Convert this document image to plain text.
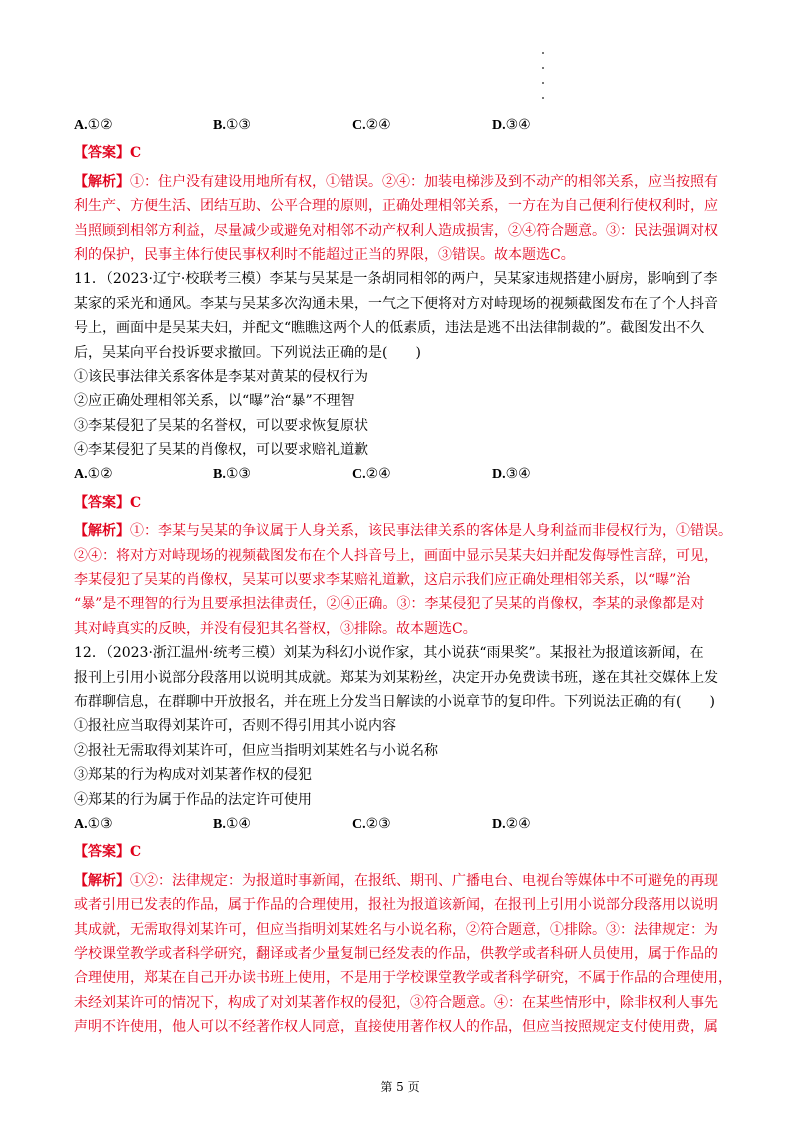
A.①②	B.①③	C.②④	D.③④
【答案】C
【解析】①：住户没有建设用地所有权，①错误。②④：加装电梯涉及到不动产的相邻关系，应当按照有
利生产、方便生活、团结互助、公平合理的原则，正确处理相邻关系，一方在为自己便利行使权利时，应
当照顾到相邻方利益，尽量减少或避免对相邻不动产权利人造成损害，②④符合题意。③：民法强调对权
利的保护，民事主体行使民事权利时不能超过正当的界限，③错误。故本题选C。
11．（2023·辽宁·校联考三模）李某与吴某是一条胡同相邻的两户，吴某家违规搭建小厨房，影响到了李
某家的采光和通风。李某与吴某多次沟通未果，一气之下便将对方对峙现场的视频截图发布在了个人抖音
号上，画面中是吴某夫妇，并配文“瞧瞧这两个人的低素质，违法是逃不出法律制裁的”。截图发出不久
后，吴某向平台投诉要求撤回。下列说法正确的是(　　)
①该民事法律关系客体是李某对黄某的侵权行为
②应正确处理相邻关系，以“曝”治“暴”不理智
③李某侵犯了吴某的名誉权，可以要求恢复原状
④李某侵犯了吴某的肖像权，可以要求赔礼道歉
A.①②	B.①③	C.②④	D.③④
【答案】C
【解析】①：李某与吴某的争议属于人身关系，该民事法律关系的客体是人身利益而非侵权行为，①错误。
②④：将对方对峙现场的视频截图发布在个人抖音号上，画面中显示吴某夫妇并配发侮辱性言辞，可见，
李某侵犯了吴某的肖像权，吴某可以要求李某赔礼道歉，这启示我们应正确处理相邻关系，以“曝”治
“暴”是不理智的行为且要承担法律责任，②④正确。③：李某侵犯了吴某的肖像权，李某的录像都是对
其对峙真实的反映，并没有侵犯其名誉权，③排除。故本题选C。
12．（2023·浙江温州·统考三模）刘某为科幻小说作家，其小说获“雨果奖”。某报社为报道该新闻，在
报刊上引用小说部分段落用以说明其成就。郑某为刘某粉丝，决定开办免费读书班，遂在其社交媒体上发
布群聊信息，在群聊中开放报名，并在班上分发当日解读的小说章节的复印件。下列说法正确的有(　　)
①报社应当取得刘某许可，否则不得引用其小说内容
②报社无需取得刘某许可，但应当指明刘某姓名与小说名称
③郑某的行为构成对刘某著作权的侵犯
④郑某的行为属于作品的法定许可使用
A.①③	B.①④	C.②③	D.②④
【答案】C
【解析】①②：法律规定：为报道时事新闻，在报纸、期刊、广播电台、电视台等媒体中不可避免的再现
或者引用已发表的作品，属于作品的合理使用，报社为报道该新闻，在报刊上引用小说部分段落用以说明
其成就，无需取得刘某许可，但应当指明刘某姓名与小说名称，②符合题意，①排除。③：法律规定：为
学校课堂教学或者科学研究，翻译或者少量复制已经发表的作品，供教学或者科研人员使用，属于作品的
合理使用，郑某在自己开办读书班上使用，不是用于学校课堂教学或者科学研究，不属于作品的合理使用，
未经刘某许可的情况下，构成了对刘某著作权的侵犯，③符合题意。④：在某些情形中，除非权利人事先
声明不许使用，他人可以不经著作权人同意，直接使用著作权人的作品，但应当按照规定支付使用费，属
第 5 页
